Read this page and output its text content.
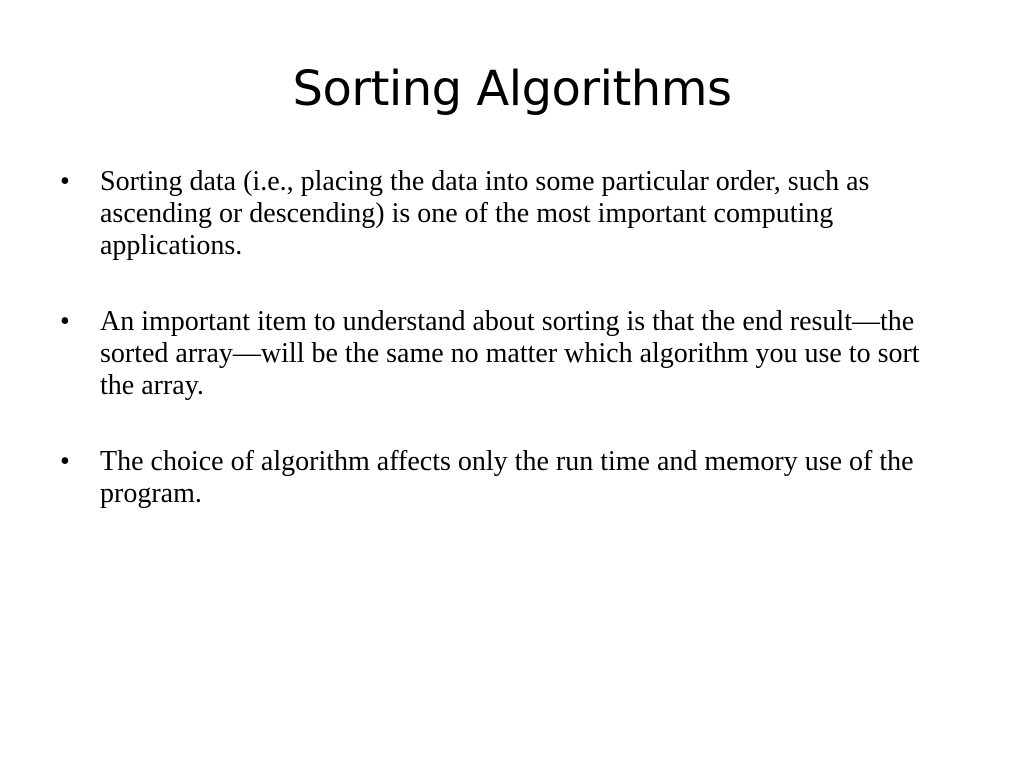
Sorting Algorithms
• Sorting data (i.e., placing the data into some particular order, such as ascending or descending) is one of the most important computing applications.
• An important item to understand about sorting is that the end result—the sorted array—will be the same no matter which algorithm you use to sort the array.
• The choice of algorithm affects only the run time and memory use of the program.
